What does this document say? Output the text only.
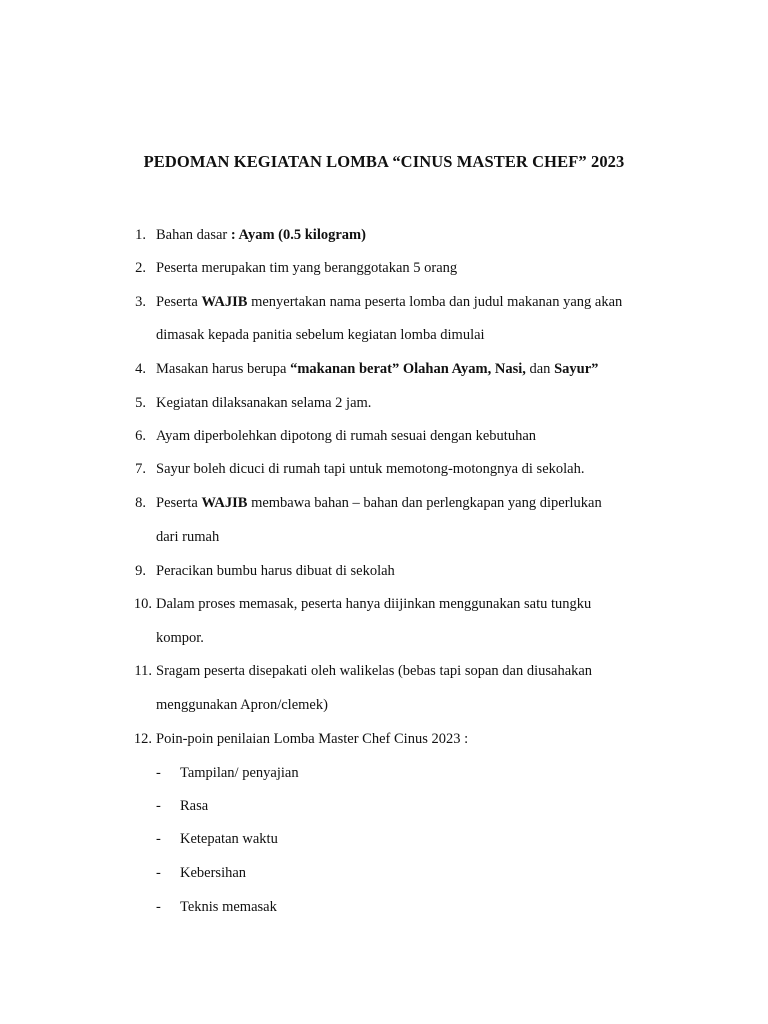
PEDOMAN KEGIATAN LOMBA “CINUS MASTER CHEF” 2023
1. Bahan dasar : Ayam (0.5 kilogram)
2. Peserta merupakan tim yang beranggotakan 5 orang
3. Peserta WAJIB menyertakan nama peserta lomba dan judul makanan yang akan
dimasak kepada panitia sebelum kegiatan lomba dimulai
4. Masakan harus berupa “makanan berat” Olahan Ayam, Nasi, dan Sayur”
5. Kegiatan dilaksanakan selama 2 jam.
6. Ayam diperbolehkan dipotong di rumah sesuai dengan kebutuhan
7. Sayur boleh dicuci di rumah tapi untuk memotong-motongnya di sekolah.
8. Peserta WAJIB membawa bahan – bahan dan perlengkapan yang diperlukan
dari rumah
9. Peracikan bumbu harus dibuat di sekolah
10. Dalam proses memasak, peserta hanya diijinkan menggunakan satu tungku
kompor.
11. Sragam peserta disepakati oleh walikelas (bebas tapi sopan dan diusahakan
menggunakan Apron/clemek)
12. Poin-poin penilaian Lomba Master Chef Cinus 2023 :
- Tampilan/ penyajian
- Rasa
- Ketepatan waktu
- Kebersihan
- Teknis memasak
